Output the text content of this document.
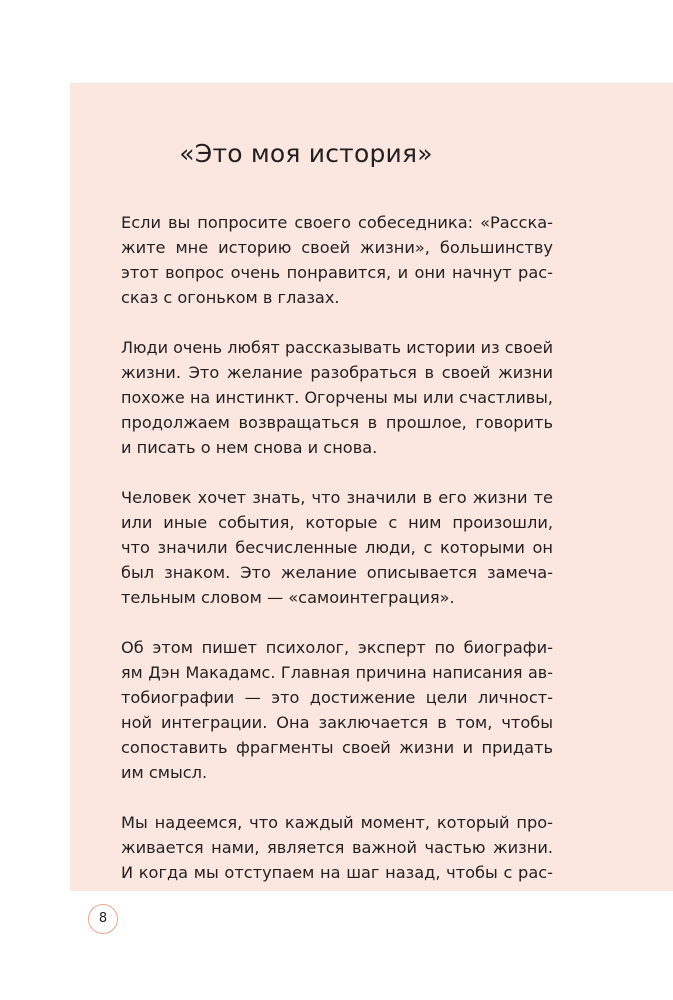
«Это моя история»

Если вы попросите своего собеседника: «Расска-
жите мне историю своей жизни», большинству
этот вопрос очень понравится, и они начнут рас-
сказ с огоньком в глазах.

Люди очень любят рассказывать истории из своей
жизни. Это желание разобраться в своей жизни
похоже на инстинкт. Огорчены мы или счастливы,
продолжаем возвращаться в прошлое, говорить
и писать о нем снова и снова.

Человек хочет знать, что значили в его жизни те
или иные события, которые с ним произошли,
что значили бесчисленные люди, с которыми он
был знаком. Это желание описывается замеча-
тельным словом — «самоинтеграция».

Об этом пишет психолог, эксперт по биографи-
ям Дэн Макадамс. Главная причина написания ав-
тобиографии — это достижение цели личност-
ной интеграции. Она заключается в том, чтобы
сопоставить фрагменты своей жизни и придать
им смысл.

Мы надеемся, что каждый момент, который про-
живается нами, является важной частью жизни.
И когда мы отступаем на шаг назад, чтобы с рас-

8
